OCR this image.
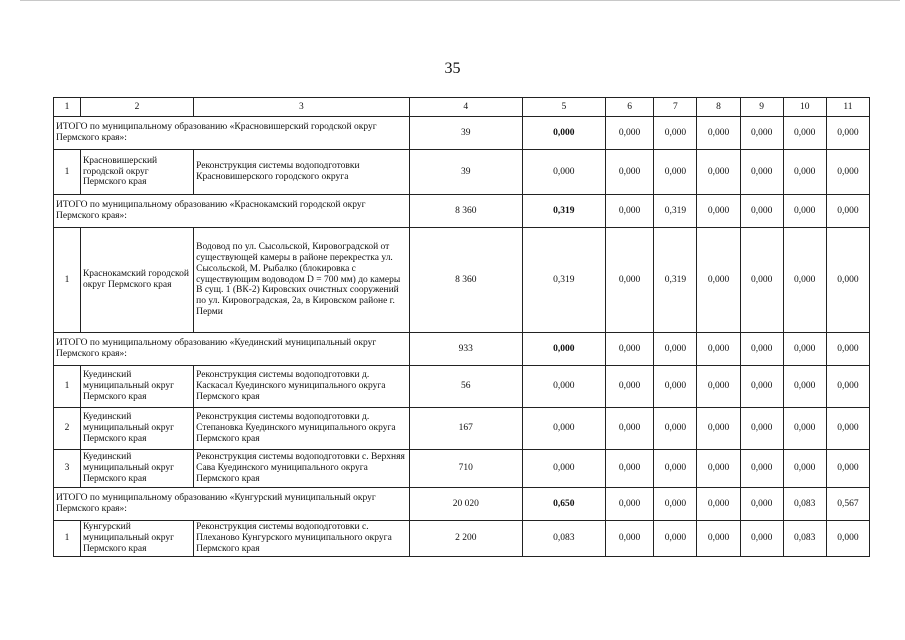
35
1	2	3	4	5	6	7	8	9	10	11
ИТОГО по муниципальному образованию «Красновишерский городской округ Пермского края»:			39	0,000	0,000	0,000	0,000	0,000	0,000	0,000
1	Красновишерский городской округ Пермского края	Реконструкция системы водоподготовки Красновишерского городского округа	39	0,000	0,000	0,000	0,000	0,000	0,000	0,000
ИТОГО по муниципальному образованию «Краснокамский городской округ Пермского края»:			8 360	0,319	0,000	0,319	0,000	0,000	0,000	0,000
1	Краснокамский городской округ Пермского края	Водовод по ул. Сысольской, Кировоградской от существующей камеры в районе перекрестка ул. Сысольской, М. Рыбалко (блокировка с существующим водоводом D = 700 мм) до камеры В сущ. 1 (ВК-2) Кировских очистных сооружений по ул. Кировоградская, 2а, в Кировском районе г. Перми	8 360	0,319	0,000	0,319	0,000	0,000	0,000	0,000
ИТОГО по муниципальному образованию «Куединский муниципальный округ Пермского края»:			933	0,000	0,000	0,000	0,000	0,000	0,000	0,000
1	Куединский муниципальный округ Пермского края	Реконструкция системы водоподготовки д. Каскасал Куединского муниципального округа Пермского края	56	0,000	0,000	0,000	0,000	0,000	0,000	0,000
2	Куединский муниципальный округ Пермского края	Реконструкция системы водоподготовки д. Степановка Куединского муниципального округа Пермского края	167	0,000	0,000	0,000	0,000	0,000	0,000	0,000
3	Куединский муниципальный округ Пермского края	Реконструкция системы водоподготовки с. Верхняя Сава Куединского муниципального округа Пермского края	710	0,000	0,000	0,000	0,000	0,000	0,000	0,000
ИТОГО по муниципальному образованию «Кунгурский муниципальный округ Пермского края»:			20 020	0,650	0,000	0,000	0,000	0,000	0,083	0,567
1	Кунгурский муниципальный округ Пермского края	Реконструкция системы водоподготовки с. Плеханово Кунгурского муниципального округа Пермского края	2 200	0,083	0,000	0,000	0,000	0,000	0,083	0,000
